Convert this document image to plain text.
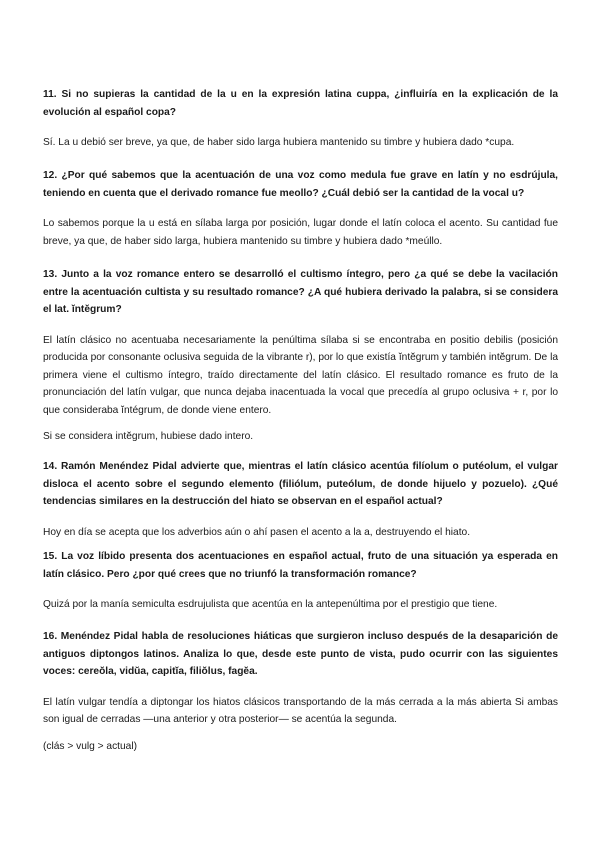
11. Si no supieras la cantidad de la u en la expresión latina cuppa, ¿influiría en la explicación de la evolución al español copa?

Sí. La u debió ser breve, ya que, de haber sido larga hubiera mantenido su timbre y hubiera dado *cupa.

12. ¿Por qué sabemos que la acentuación de una voz como medula fue grave en latín y no esdrújula, teniendo en cuenta que el derivado romance fue meollo? ¿Cuál debió ser la cantidad de la vocal u?

Lo sabemos porque la u está en sílaba larga por posición, lugar donde el latín coloca el acento. Su cantidad fue breve, ya que, de haber sido larga, hubiera mantenido su timbre y hubiera dado *meúllo.

13. Junto a la voz romance entero se desarrolló el cultismo íntegro, pero ¿a qué se debe la vacilación entre la acentuación cultista y su resultado romance? ¿A qué hubiera derivado la palabra, si se considera el lat. ĭntĕgrum?

El latín clásico no acentuaba necesariamente la penúltima sílaba si se encontraba en positio debilis (posición producida por consonante oclusiva seguida de la vibrante r), por lo que existía ĭntĕgrum y también intĕgrum. De la primera viene el cultismo íntegro, traído directamente del latín clásico. El resultado romance es fruto de la pronunciación del latín vulgar, que nunca dejaba inacentuada la vocal que precedía al grupo oclusiva + r, por lo que consideraba ĭntégrum, de donde viene entero.

Si se considera intĕgrum, hubiese dado intero.

14. Ramón Menéndez Pidal advierte que, mientras el latín clásico acentúa filíolum o putéolum, el vulgar disloca el acento sobre el segundo elemento (filiólum, puteólum, de donde hijuelo y pozuelo). ¿Qué tendencias similares en la destrucción del hiato se observan en el español actual?

Hoy en día se acepta que los adverbios aún o ahí pasen el acento a la a, destruyendo el hiato.

15. La voz líbido presenta dos acentuaciones en español actual, fruto de una situación ya esperada en latín clásico. Pero ¿por qué crees que no triunfó la transformación romance?

Quizá por la manía semiculta esdrujulista que acentúa en la antepenúltima por el prestigio que tiene.

16. Menéndez Pidal habla de resoluciones hiáticas que surgieron incluso después de la desaparición de antiguos diptongos latinos. Analiza lo que, desde este punto de vista, pudo ocurrir con las siguientes voces: cereŏla, vidŭa, capitĭa, filiŏlus, fagĕa.

El latín vulgar tendía a diptongar los hiatos clásicos transportando de la más cerrada a la más abierta Si ambas son igual de cerradas —una anterior y otra posterior— se acentúa la segunda.

(clás > vulg > actual)
